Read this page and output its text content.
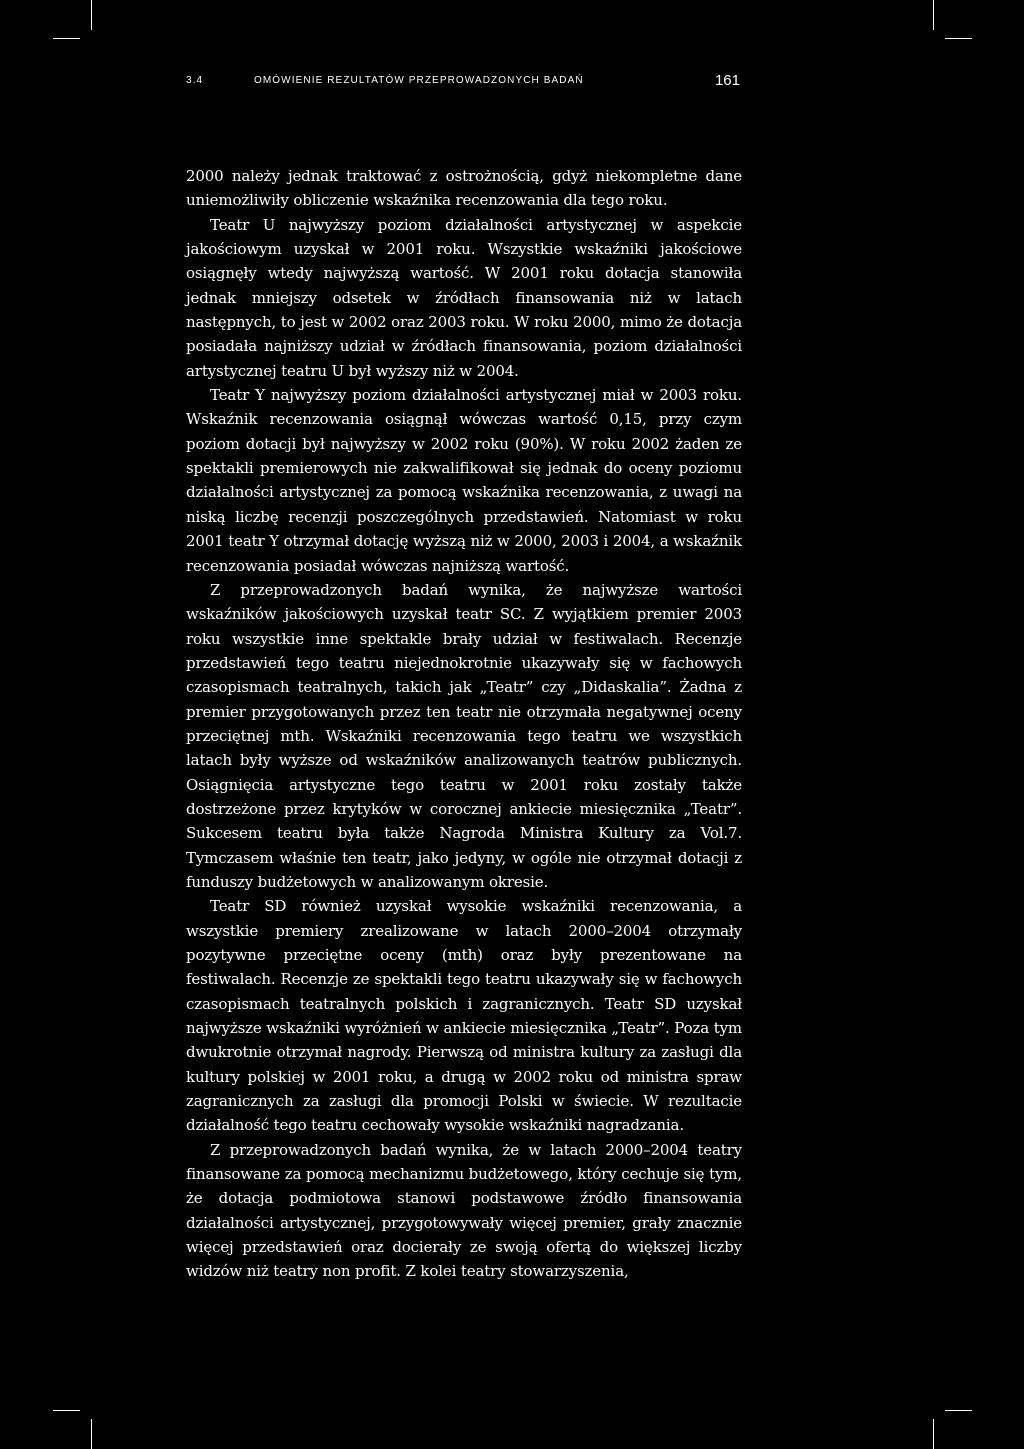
3.4	OMÓWIENIE REZULTATÓW PRZEPROWADZONYCH BADAŃ	161

2000 należy jednak traktować z ostrożnością, gdyż niekompletne dane uniemożliwiły obliczenie wskaźnika recenzowania dla tego roku.

Teatr U najwyższy poziom działalności artystycznej w aspekcie jakościowym uzyskał w 2001 roku. Wszystkie wskaźniki jakościowe osiągnęły wtedy najwyższą wartość. W 2001 roku dotacja stanowiła jednak mniejszy odsetek w źródłach finansowania niż w latach następnych, to jest w 2002 oraz 2003 roku. W roku 2000, mimo że dotacja posiadała najniższy udział w źródłach finansowania, poziom działalności artystycznej teatru U był wyższy niż w 2004.

Teatr Y najwyższy poziom działalności artystycznej miał w 2003 roku. Wskaźnik recenzowania osiągnął wówczas wartość 0,15, przy czym poziom dotacji był najwyższy w 2002 roku (90%). W roku 2002 żaden ze spektakli premierowych nie zakwalifikował się jednak do oceny poziomu działalności artystycznej za pomocą wskaźnika recenzowania, z uwagi na niską liczbę recenzji poszczególnych przedstawień. Natomiast w roku 2001 teatr Y otrzymał dotację wyższą niż w 2000, 2003 i 2004, a wskaźnik recenzowania posiadał wówczas najniższą wartość.

Z przeprowadzonych badań wynika, że najwyższe wartości wskaźników jakościowych uzyskał teatr SC. Z wyjątkiem premier 2003 roku wszystkie inne spektakle brały udział w festiwalach. Recenzje przedstawień tego teatru niejednokrotnie ukazywały się w fachowych czasopismach teatralnych, takich jak „Teatr” czy „Didaskalia”. Żadna z premier przygotowanych przez ten teatr nie otrzymała negatywnej oceny przeciętnej mth. Wskaźniki recenzowania tego teatru we wszystkich latach były wyższe od wskaźników analizowanych teatrów publicznych. Osiągnięcia artystyczne tego teatru w 2001 roku zostały także dostrzeżone przez krytyków w corocznej ankiecie miesięcznika „Teatr”. Sukcesem teatru była także Nagroda Ministra Kultury za Vol.7. Tymczasem właśnie ten teatr, jako jedyny, w ogóle nie otrzymał dotacji z funduszy budżetowych w analizowanym okresie.

Teatr SD również uzyskał wysokie wskaźniki recenzowania, a wszystkie premiery zrealizowane w latach 2000–2004 otrzymały pozytywne przeciętne oceny (mth) oraz były prezentowane na festiwalach. Recenzje ze spektakli tego teatru ukazywały się w fachowych czasopismach teatralnych polskich i zagranicznych. Teatr SD uzyskał najwyższe wskaźniki wyróżnień w ankiecie miesięcznika „Teatr”. Poza tym dwukrotnie otrzymał nagrody. Pierwszą od ministra kultury za zasługi dla kultury polskiej w 2001 roku, a drugą w 2002 roku od ministra spraw zagranicznych za zasługi dla promocji Polski w świecie. W rezultacie działalność tego teatru cechowały wysokie wskaźniki nagradzania.

Z przeprowadzonych badań wynika, że w latach 2000–2004 teatry finansowane za pomocą mechanizmu budżetowego, który cechuje się tym, że dotacja podmiotowa stanowi podstawowe źródło finansowania działalności artystycznej, przygotowywały więcej premier, grały znacznie więcej przedstawień oraz docierały ze swoją ofertą do większej liczby widzów niż teatry non profit. Z kolei teatry stowarzyszenia,
